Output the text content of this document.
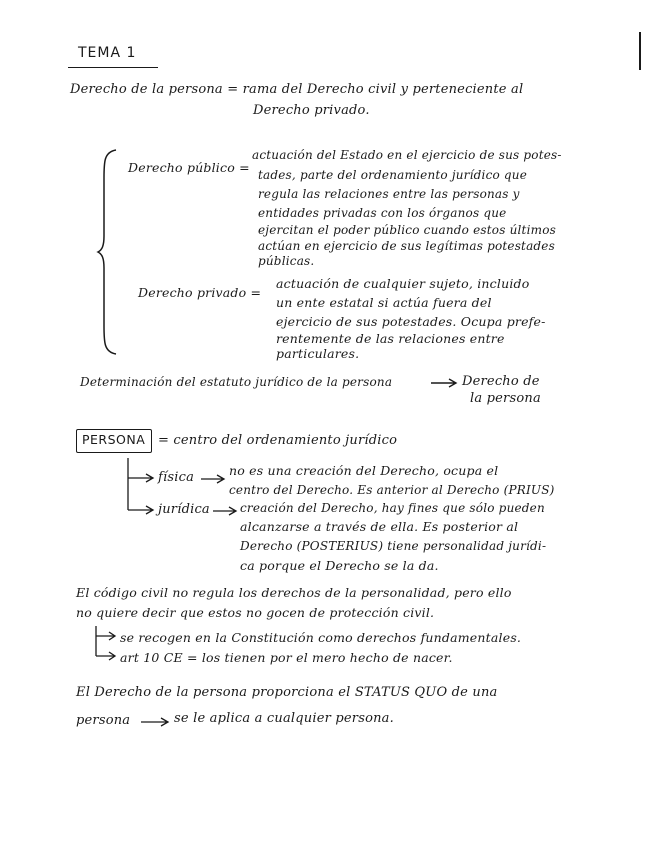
TEMA 1
Derecho de la persona = rama del Derecho civil y perteneciente al
Derecho privado.
Derecho público =
actuación del Estado en el ejercicio de sus potes-
tades, parte del ordenamiento jurídico que
regula las relaciones entre las personas y
entidades privadas con los órganos que
ejercitan el poder público cuando estos últimos
actúan en ejercicio de sus legítimas potestades
públicas.
Derecho privado =
actuación de cualquier sujeto, incluido
un ente estatal si actúa fuera del
ejercicio de sus potestades. Ocupa prefe-
rentemente de las relaciones entre
particulares.
Determinación del estatuto jurídico de la persona	Derecho de
la persona
PERSONA = centro del ordenamiento jurídico
física	no es una creación del Derecho, ocupa el
centro del Derecho. Es anterior al Derecho (PRIUS)
jurídica	creación del Derecho, hay fines que sólo pueden
alcanzarse a través de ella. Es posterior al
Derecho (POSTERIUS) tiene personalidad jurídi-
ca porque el Derecho se la da.
El código civil no regula los derechos de la personalidad, pero ello
no quiere decir que estos no gocen de protección civil.
se recogen en la Constitución como derechos fundamentales.
art 10 CE = los tienen por el mero hecho de nacer.
El Derecho de la persona proporciona el STATUS QUO de una
persona	se le aplica a cualquier persona.
